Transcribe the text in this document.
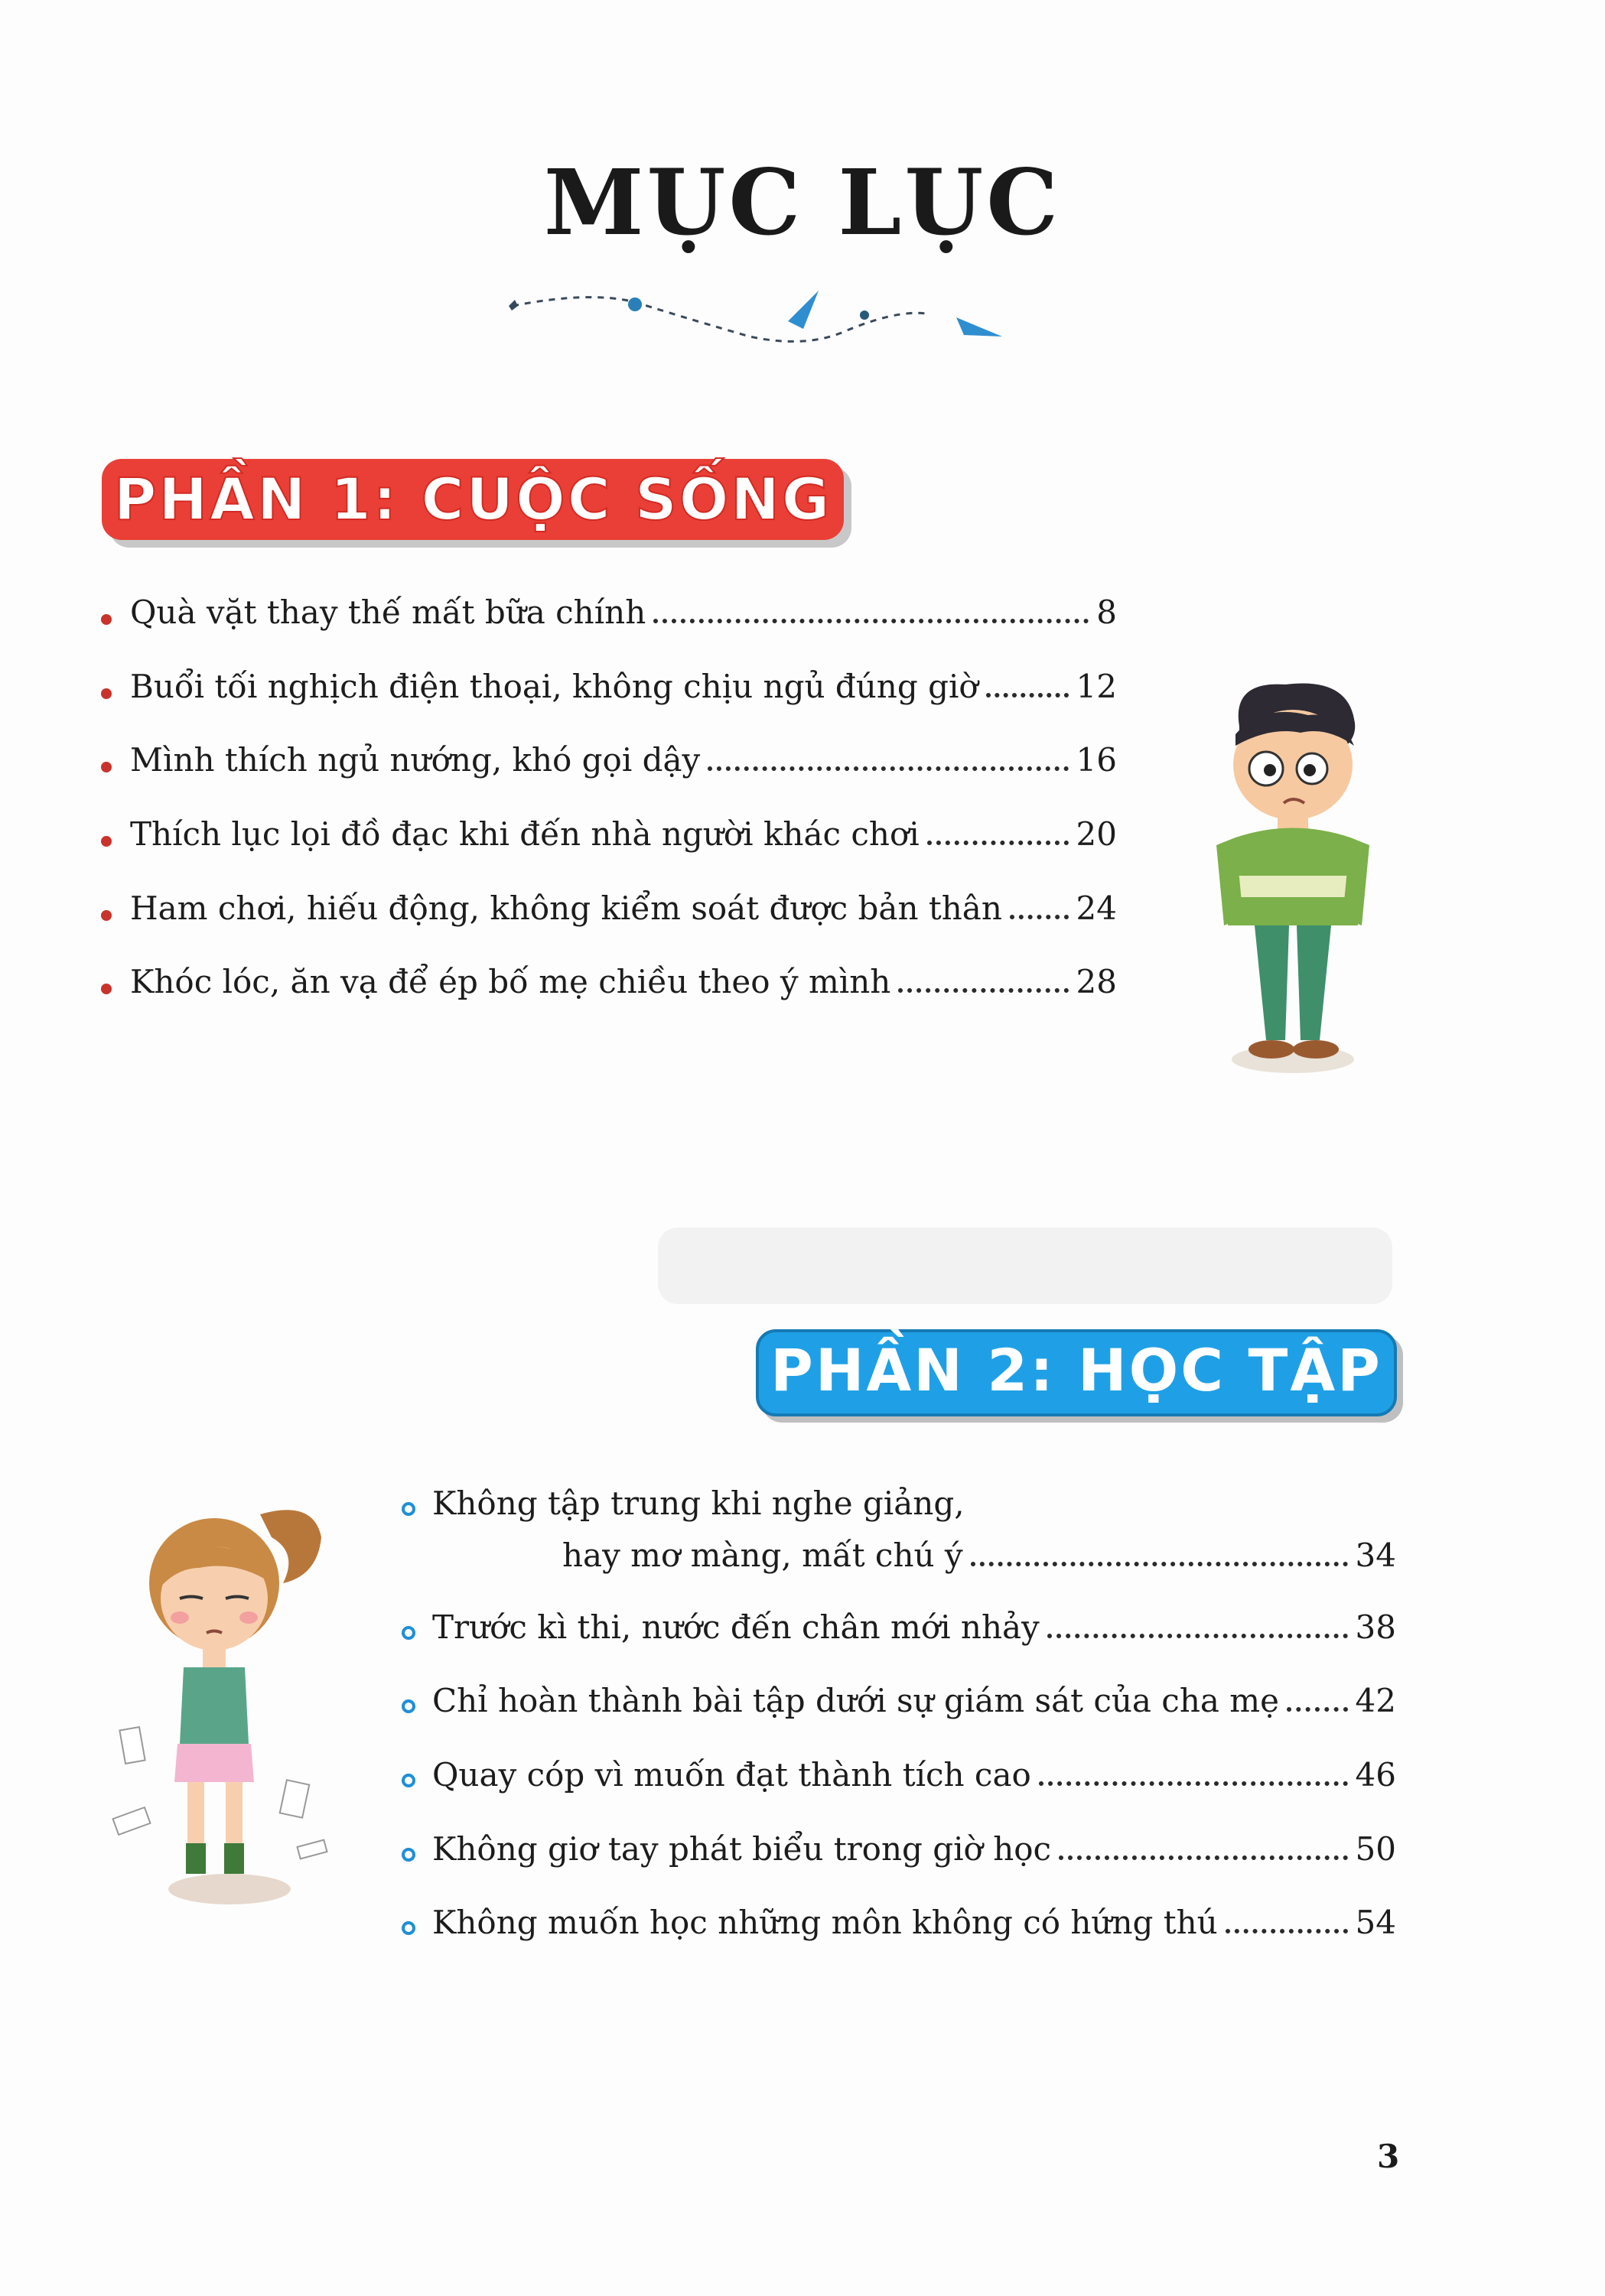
MỤC LỤC
PHẦN 1: CUỘC SỐNG
Quà vặt thay thế mất bữa chính	8
Buổi tối nghịch điện thoại, không chịu ngủ đúng giờ	12
Mình thích ngủ nướng, khó gọi dậy	16
Thích lục lọi đồ đạc khi đến nhà người khác chơi	20
Ham chơi, hiếu động, không kiểm soát được bản thân 24
Khóc lóc, ăn vạ để ép bố mẹ chiều theo ý mình	28
PHẦN 2: HỌC TẬP
Không tập trung khi nghe giảng,
hay mơ màng, mất chú ý	34
Trước kì thi, nước đến chân mới nhảy	38
Chỉ hoàn thành bài tập dưới sự giám sát của cha mẹ 42
Quay cóp vì muốn đạt thành tích cao	46
Không giơ tay phát biểu trong giờ học	50
Không muốn học những môn không có hứng thú	54
3
